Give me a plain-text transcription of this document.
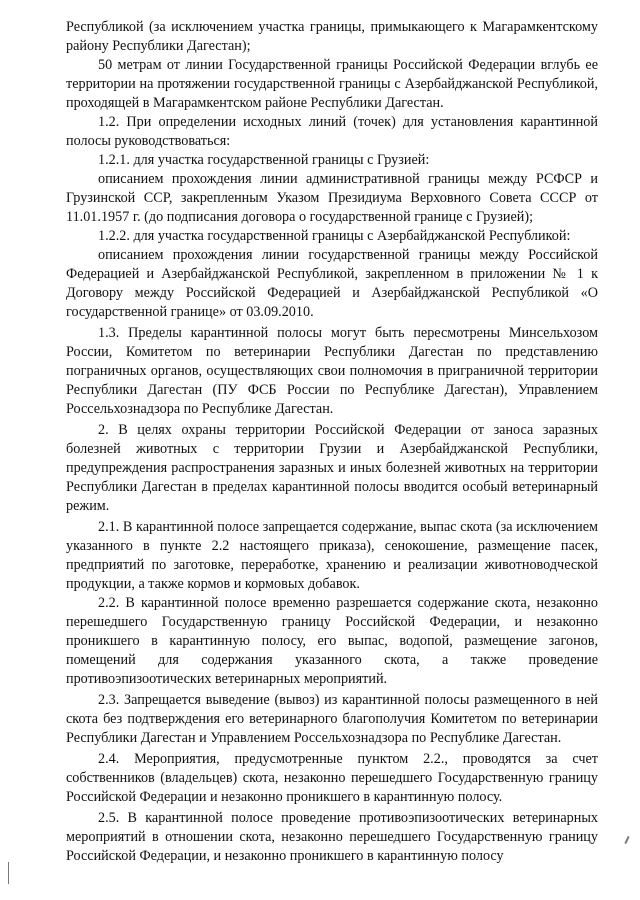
Республикой (за исключением участка границы, примыкающего к Магарамкентскому району Республики Дагестан);

50 метрам от линии Государственной границы Российской Федерации вглубь ее территории на протяжении государственной границы с Азербайджанской Республикой, проходящей в Магарамкентском районе Республики Дагестан.

1.2. При определении исходных линий (точек) для установления карантинной полосы руководствоваться:

1.2.1. для участка государственной границы с Грузией:

описанием прохождения линии административной границы между РСФСР и Грузинской ССР, закрепленным Указом Президиума Верховного Совета СССР от 11.01.1957 г. (до подписания договора о государственной границе с Грузией);

1.2.2. для участка государственной границы с Азербайджанской Республикой:

описанием прохождения линии государственной границы между Российской Федерацией и Азербайджанской Республикой, закрепленном в приложении № 1 к Договору между Российской Федерацией и Азербайджанской Республикой «О государственной границе» от 03.09.2010.

1.3. Пределы карантинной полосы могут быть пересмотрены Минсельхозом России, Комитетом по ветеринарии Республики Дагестан по представлению пограничных органов, осуществляющих свои полномочия в приграничной территории Республики Дагестан (ПУ ФСБ России по Республике Дагестан), Управлением Россельхознадзора по Республике Дагестан.

2. В целях охраны территории Российской Федерации от заноса заразных болезней животных с территории Грузии и Азербайджанской Республики, предупреждения распространения заразных и иных болезней животных на территории Республики Дагестан в пределах карантинной полосы вводится особый ветеринарный режим.

2.1. В карантинной полосе запрещается содержание, выпас скота (за исключением указанного в пункте 2.2 настоящего приказа), сенокошение, размещение пасек, предприятий по заготовке, переработке, хранению и реализации животноводческой продукции, а также кормов и кормовых добавок.

2.2. В карантинной полосе временно разрешается содержание скота, незаконно перешедшего Государственную границу Российской Федерации, и незаконно проникшего в карантинную полосу, его выпас, водопой, размещение загонов, помещений для содержания указанного скота, а также проведение противоэпизоотических ветеринарных мероприятий.

2.3. Запрещается выведение (вывоз) из карантинной полосы размещенного в ней скота без подтверждения его ветеринарного благополучия Комитетом по ветеринарии Республики Дагестан и Управлением Россельхознадзора по Республике Дагестан.

2.4. Мероприятия, предусмотренные пунктом 2.2., проводятся за счет собственников (владельцев) скота, незаконно перешедшего Государственную границу Российской Федерации и незаконно проникшего в карантинную полосу.

2.5. В карантинной полосе проведение противоэпизоотических ветеринарных мероприятий в отношении скота, незаконно перешедшего Государственную границу Российской Федерации, и незаконно проникшего в карантинную полосу
